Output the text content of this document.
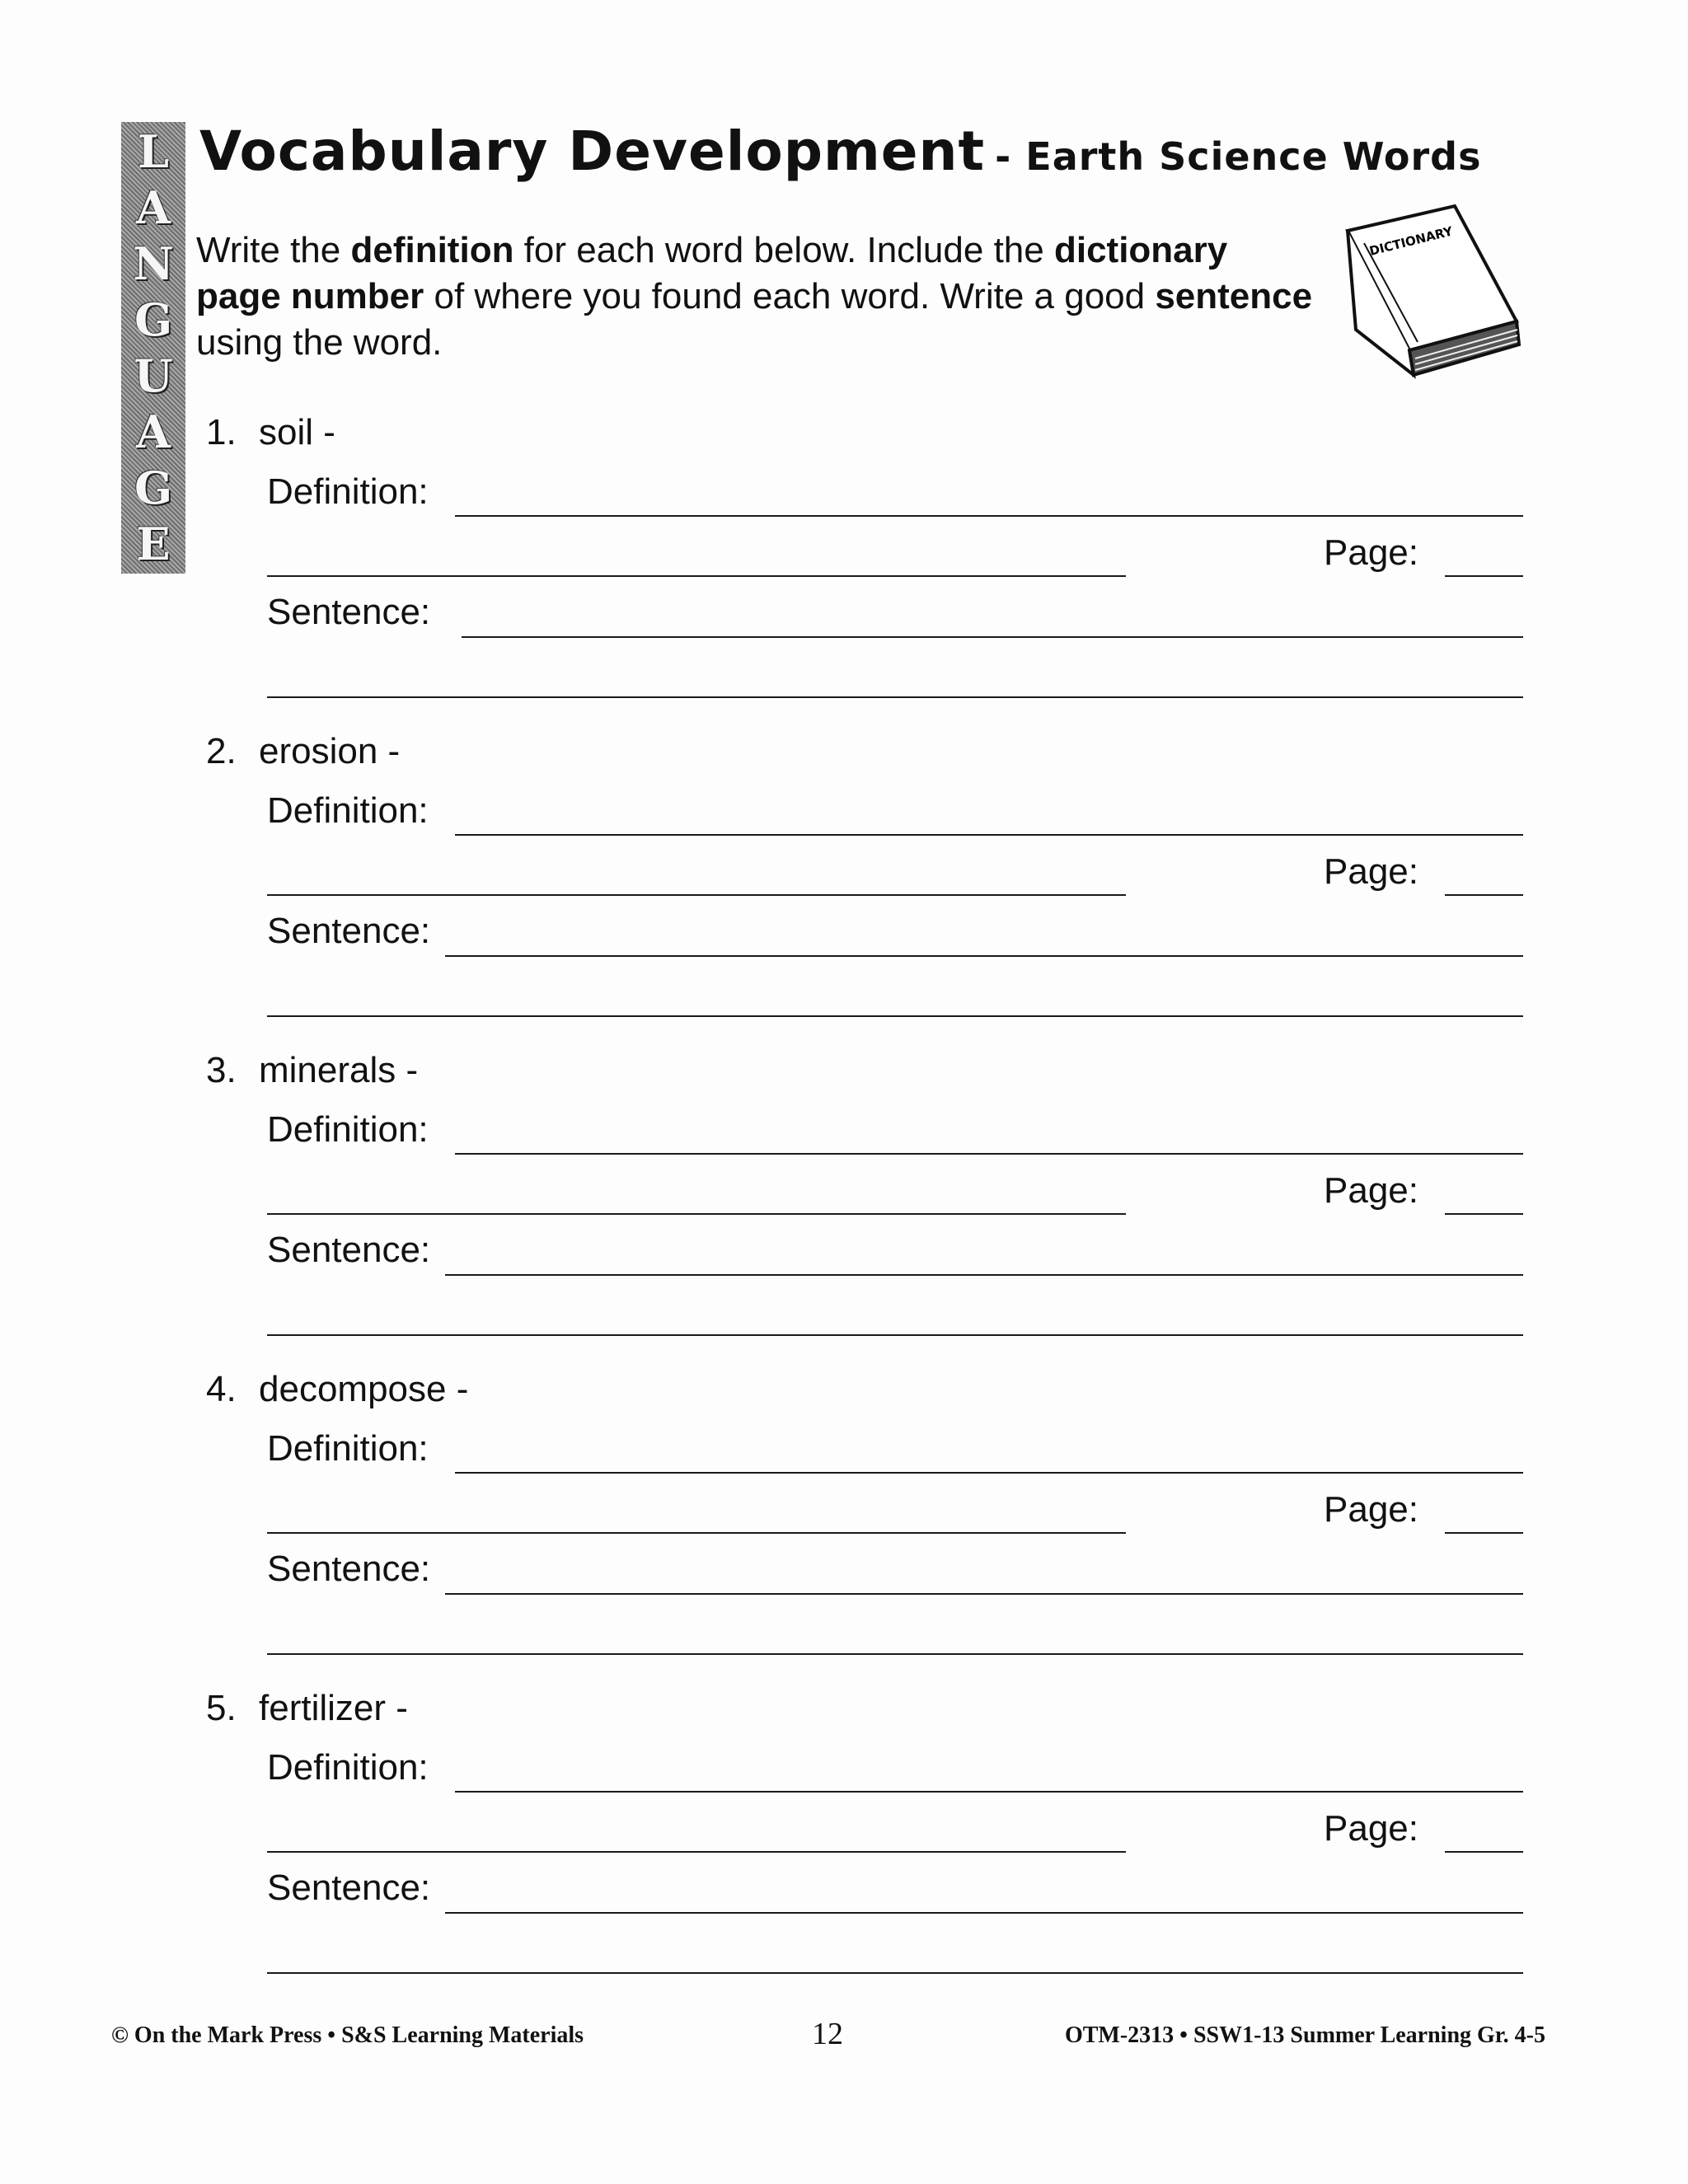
L
A
N
G
U
A
G
E
Vocabulary Development - Earth Science Words

Write the definition for each word below. Include the dictionary page number of where you found each word. Write a good sentence using the word.

DICTIONARY
1. soil -
Definition:
Page:
Sentence:
2. erosion -
Definition:
Page:
Sentence:
3. minerals -
Definition:
Page:
Sentence:
4. decompose -
Definition:
Page:
Sentence:
5. fertilizer -
Definition:
Page:
Sentence:
© On the Mark Press • S&S Learning Materials	12	OTM-2313 • SSW1-13 Summer Learning Gr. 4-5
